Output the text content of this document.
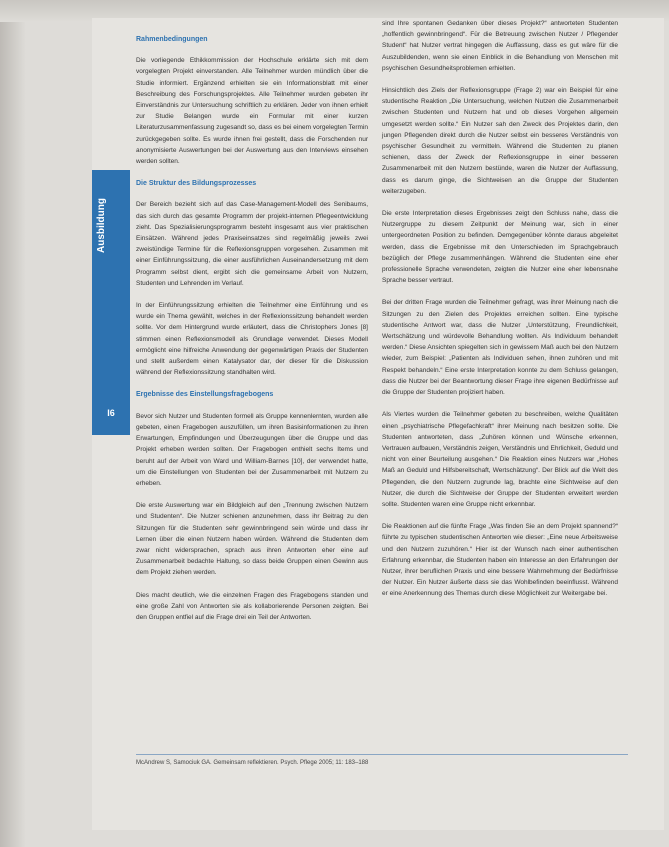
Ausbildung
I6
Rahmenbedingungen

Die vorliegende Ethikkommission der Hochschule erklärte sich mit dem vorgelegten Projekt einverstanden. Alle Teilnehmer wurden mündlich über die Studie informiert. Ergänzend erhielten sie ein Informationsblatt mit einer Beschreibung des Forschungsprojektes. Alle Teilnehmer wurden gebeten ihr Einverständnis zur Untersuchung schriftlich zu erklären. Jeder von ihnen erhielt zur Studie Belangen wurde ein Formular mit einer kurzen Literaturzusammenfassung zugesandt so, dass es bei einem vorgelegten Termin zurückgegeben sollte. Es wurde ihnen frei gestellt, dass die Forschenden nur anonymisierte Auswertungen bei der Auswertung aus den Interviews einsehen werden sollten.

Die Struktur des Bildungsprozesses

Der Bereich bezieht sich auf das Case-Management-Modell des Senibaums, das sich durch das gesamte Programm der projekt-internen Pflegeentwicklung zieht. Das Spezialisierungsprogramm besteht insgesamt aus vier praktischen Einsätzen. Während jedes Praxiseinsatzes sind regelmäßig jeweils zwei zweistündige Termine für die Reflexionsgruppen vorgesehen. Zusammen mit einer Einführungssitzung, die einer ausführlichen Auseinandersetzung mit dem Programm selbst dient, ergibt sich die gemeinsame Arbeit von Nutzern, Studenten und Lehrenden im Verlauf.

In der Einführungssitzung erhielten die Teilnehmer eine Einführung und es wurde ein Thema gewählt, welches in der Reflexionssitzung behandelt werden sollte. Vor dem Hintergrund wurde erläutert, dass die Christophers Jones [8] stimmen einen Reflexionsmodell als Grundlage verwendet. Dieses Modell ermöglicht eine hilfreiche Anwendung der gegenwärtigen Praxis der Studenten und stellt außerdem einen Katalysator dar, der dieser für die Diskussion während der Reflexionssitzung standhalten wird.

Ergebnisse des Einstellungsfragebogens

Bevor sich Nutzer und Studenten formell als Gruppe kennenlernten, wurden alle gebeten, einen Fragebogen auszufüllen, um ihren Basisinformationen zu ihren Erwartungen, Empfindungen und Überzeugungen über die Gruppe und das Projekt erheben werden sollten. Der Fragebogen enthielt sechs Items und beruht auf der Arbeit von Ward und William-Barnes [10], der verwendet hatte, um die Einstellungen von Studenten bei der Zusammenarbeit mit Nutzern zu erheben.

Die erste Auswertung war ein Bildgleich auf den „Trennung zwischen Nutzern und Studenten“. Die Nutzer schienen anzunehmen, dass ihr Beitrag zu den Sitzungen für die Studenten sehr gewinnbringend sein würde und dass ihr Lernen über die einen Nutzern haben würden. Während die Studenten dem zwar nicht widersprachen, sprach aus ihren Antworten eher eine auf Zusammenarbeit bedachte Haltung, so dass beide Gruppen einen Gewinn aus dem Projekt ziehen werden.

Dies macht deutlich, wie die einzelnen Fragen des Fragebogens standen und eine große Zahl von Antworten sie als kollaborierende Personen zeigten. Bei den Gruppen entfiel auf die Frage drei ein Teil der Antworten.

sind Ihre spontanen Gedanken über dieses Projekt?“ antworteten Studenten „hoffentlich gewinnbringend“. Für die Betreuung zwischen Nutzer / Pflegender Student“ hat Nutzer vertrat hingegen die Auffassung, dass es gut wäre für die Auszubildenden, wenn sie einen Einblick in die Behandlung von Menschen mit psychischen Gesundheitsproblemen erhielten.

Hinsichtlich des Ziels der Reflexionsgruppe (Frage 2) war ein Beispiel für eine studentische Reaktion „Die Untersuchung, welchen Nutzen die Zusammenarbeit zwischen Studenten und Nutzern hat und ob dieses Vorgehen allgemein umgesetzt werden sollte.“ Ein Nutzer sah den Zweck des Projektes darin, den jungen Pflegenden direkt durch die Nutzer selbst ein besseres Verständnis von psychischer Gesundheit zu vermitteln. Während die Studenten zu planen schienen, dass der Zweck der Reflexionsgruppe in einer besseren Zusammenarbeit mit den Nutzern bestünde, waren die Nutzer der Auffassung, dass es darum ginge, die Sichtweisen an die Gruppe der Studenten weiterzugeben.

Die erste Interpretation dieses Ergebnisses zeigt den Schluss nahe, dass die Nutzergruppe zu diesem Zeitpunkt der Meinung war, sich in einer untergeordneten Position zu befinden. Demgegenüber könnte daraus abgeleitet werden, dass die Ergebnisse mit den Unterschieden im Sprachgebrauch bezüglich der Pflege zusammenhängen. Während die Studenten eine eher professionelle Sprache verwendeten, zeigten die Nutzer eine eher lebensnahe Sprache besser vertraut.

Bei der dritten Frage wurden die Teilnehmer gefragt, was ihrer Meinung nach die Sitzungen zu den Zielen des Projektes erreichen sollten. Eine typische studentische Antwort war, dass die Nutzer „Unterstützung, Freundlichkeit, Wertschätzung und würdevolle Behandlung wollten. Als Individuum behandelt werden.“ Diese Ansichten spiegelten sich in gewissem Maß auch bei den Nutzern wieder, zum Beispiel: „Patienten als Individuen sehen, ihnen zuhören und mit Respekt behandeln.“ Eine erste Interpretation konnte zu dem Schluss gelangen, dass die Nutzer bei der Beantwortung dieser Frage ihre eigenen Bedürfnisse auf die Gruppe der Studenten projiziert haben.

Als Viertes wurden die Teilnehmer gebeten zu beschreiben, welche Qualitäten einen „psychiatrische Pflegefachkraft“ ihrer Meinung nach besitzen sollte. Die Studenten antworteten, dass „Zuhören können und Wünsche erkennen, Vertrauen aufbauen, Verständnis zeigen, Verständnis und Ehrlichkeit, Geduld und nicht von einer Beurteilung ausgehen.“ Die Reaktion eines Nutzers war „Hohes Maß an Geduld und Hilfsbereitschaft, Wertschätzung“. Der Blick auf die Welt des Pflegenden, die den Nutzern zugrunde lag, brachte eine Sichtweise auf den Nutzer, die durch die Sichtweise der Gruppe der Studenten erweitert werden sollte. Studenten waren eine Gruppe nicht erkennbar.

Die Reaktionen auf die fünfte Frage „Was finden Sie an dem Projekt spannend?“ führte zu typischen studentischen Antworten wie dieser: „Eine neue Arbeitsweise und den Nutzern zuzuhören.“ Hier ist der Wunsch nach einer authentischen Erfahrung erkennbar, die Studenten haben ein Interesse an den Erfahrungen der Nutzer, ihrer beruflichen Praxis und eine bessere Wahrnehmung der Bedürfnisse der Nutzer. Ein Nutzer äußerte dass sie das Wohlbefinden beeinflusst. Während er eine Anerkennung des Themas durch diese Möglichkeit zur Weitergabe bei.

McAndrew S, Samociuk GA. Gemeinsam reflektieren. Psych. Pflege 2005; 11: 183–188
